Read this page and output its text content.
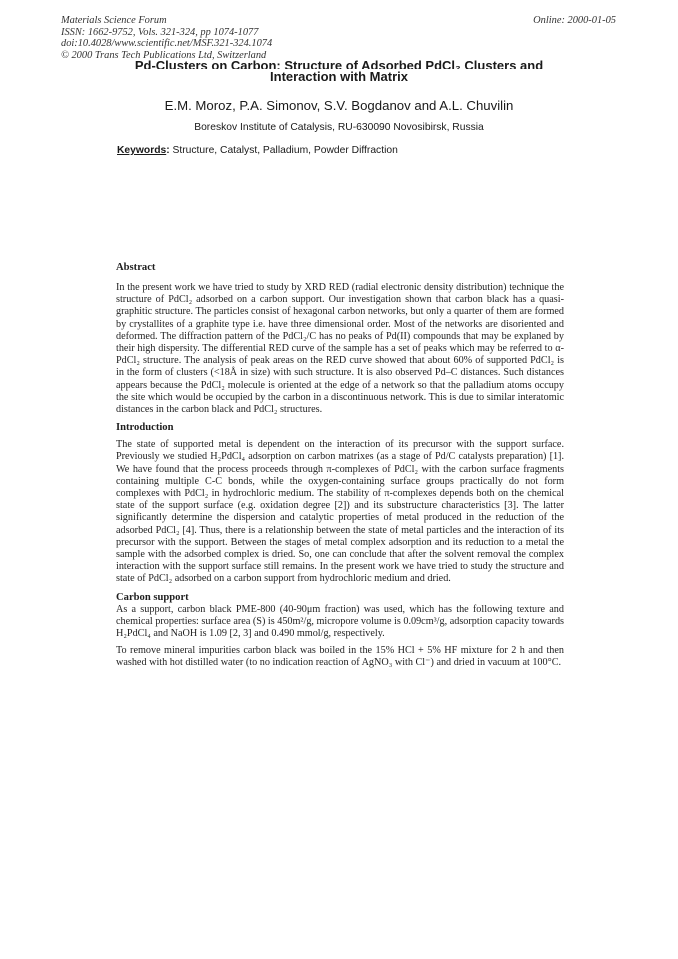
Materials Science Forum
ISSN: 1662-9752, Vols. 321-324, pp 1074-1077
doi:10.4028/www.scientific.net/MSF.321-324.1074
© 2000 Trans Tech Publications Ltd, Switzerland
Online: 2000-01-05
Pd-Clusters on Carbon: Structure of Adsorbed PdCl₂ Clusters and
Interaction with Matrix
E.M. Moroz, P.A. Simonov, S.V. Bogdanov and A.L. Chuvilin
Boreskov Institute of Catalysis, RU-630090 Novosibirsk, Russia
Keywords: Structure, Catalyst, Palladium, Powder Diffraction
Abstract

In the present work we have tried to study by XRD RED (radial electronic density distribution) technique the structure of PdCl₂ adsorbed on a carbon support. Our investigation shown that carbon black has a quasi-graphitic structure. The particles consist of hexagonal carbon networks, but only a quarter of them are formed by crystallites of a graphite type i.e. have three dimensional order. Most of the networks are disoriented and deformed. The diffraction pattern of the PdCl₂/C has no peaks of Pd(II) compounds that may be explaned by their high dispersity. The differential RED curve of the sample has a set of peaks which may be referred to α-PdCl₂ structure. The analysis of peak areas on the RED curve showed that about 60% of supported PdCl₂ is in the form of clusters (<18Å in size) with such structure. It is also observed Pd–C distances. Such distances appears because the PdCl₂ molecule is oriented at the edge of a network so that the palladium atoms occupy the site which would be occupied by the carbon in a discontinuous network. This is due to similar interatomic distances in the carbon black and PdCl₂ structures.

Introduction

The state of supported metal is dependent on the interaction of its precursor with the support surface. Previously we studied H₂PdCl₄ adsorption on carbon matrixes (as a stage of Pd/C catalysts preparation) [1]. We have found that the process proceeds through π-complexes of PdCl₂ with the carbon surface fragments containing multiple C-C bonds, while the oxygen-containing surface groups practically do not form complexes with PdCl₂ in hydrochloric medium. The stability of π-complexes depends both on the chemical state of the support surface (e.g. oxidation degree [2]) and its substructure characteristics [3]. The latter significantly determine the dispersion and catalytic properties of metal produced in the reduction of the adsorbed PdCl₂ [4]. Thus, there is a relationship between the state of metal particles and the interaction of its precursor with the support. Between the stages of metal complex adsorption and its reduction to a metal the sample with the adsorbed complex is dried. So, one can conclude that after the solvent removal the complex interaction with the support surface still remains. In the present work we have tried to study the structure and state of PdCl₂ adsorbed on a carbon support from hydrochloric medium and dried.

Carbon support

As a support, carbon black PME-800 (40-90μm fraction) was used, which has the following texture and chemical properties: surface area (S) is 450m²/g, micropore volume is 0.09cm³/g, adsorption capacity towards H₂PdCl₄ and NaOH is 1.09 [2, 3] and 0.490 mmol/g, respectively.

To remove mineral impurities carbon black was boiled in the 15% HCl + 5% HF mixture for 2 h and then washed with hot distilled water (to no indication reaction of AgNO₃ with Cl⁻) and dried in vacuum at 100°C.
